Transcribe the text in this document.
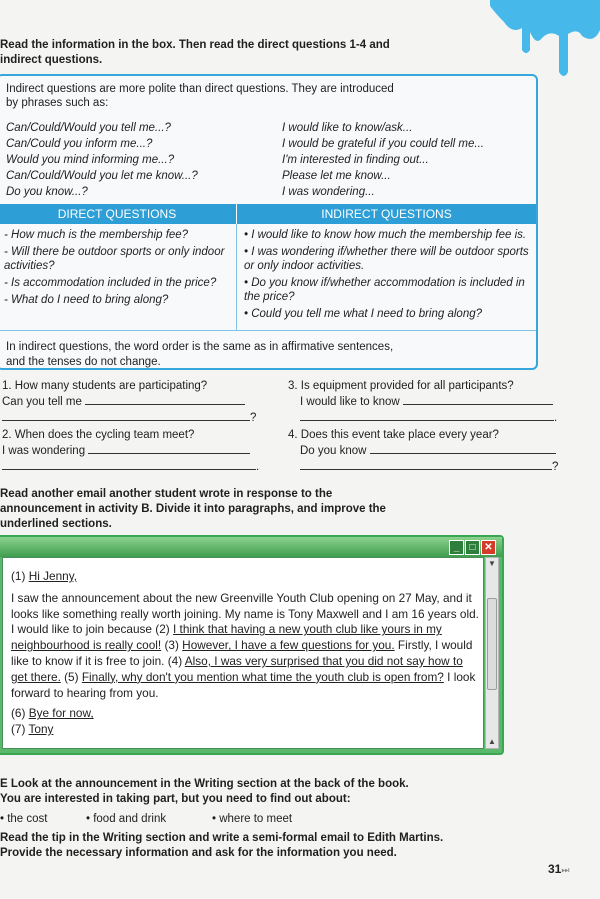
Read the information in the box. Then read the direct questions 1-4 and
indirect questions.
Indirect questions are more polite than direct questions. They are introduced
by phrases such as:
Can/Could/Would you tell me...?
Can/Could you inform me...?
Would you mind informing me...?
Can/Could/Would you let me know...?
Do you know...?
I would like to know/ask...
I would be grateful if you could tell me...
I'm interested in finding out...
Please let me know...
I was wondering...
DIRECT QUESTIONS	INDIRECT QUESTIONS
- How much is the membership fee?
- Will there be outdoor sports or only indoor activities?
- Is accommodation included in the price?
- What do I need to bring along?
• I would like to know how much the membership fee is.
• I was wondering if/whether there will be outdoor sports or only indoor activities.
• Do you know if/whether accommodation is included in the price?
• Could you tell me what I need to bring along?
In indirect questions, the word order is the same as in affirmative sentences,
and the tenses do not change.
1. How many students are participating?
Can you tell me
?
2. When does the cycling team meet?
I was wondering
.
3. Is equipment provided for all participants?
I would like to know
.
4. Does this event take place every year?
Do you know
?
Read another email another student wrote in response to the
announcement in activity B. Divide it into paragraphs, and improve the
underlined sections.
_ □ ✕
(1) Hi Jenny,
I saw the announcement about the new Greenville Youth Club opening on 27 May, and it looks like something really worth joining. My name is Tony Maxwell and I am 16 years old. I would like to join because (2) I think that having a new youth club like yours in my neighbourhood is really cool! (3) However, I have a few questions for you. Firstly, I would like to know if it is free to join. (4) Also, I was very surprised that you did not say how to get there. (5) Finally, why don't you mention what time the youth club is open from? I look forward to hearing from you.
(6) Bye for now,
(7) Tony
▼
▲
E Look at the announcement in the Writing section at the back of the book.
You are interested in taking part, but you need to find out about:
• the cost	• food and drink	• where to meet
Read the tip in the Writing section and write a semi-formal email to Edith Martins.
Provide the necessary information and ask for the information you need.
31⏭
